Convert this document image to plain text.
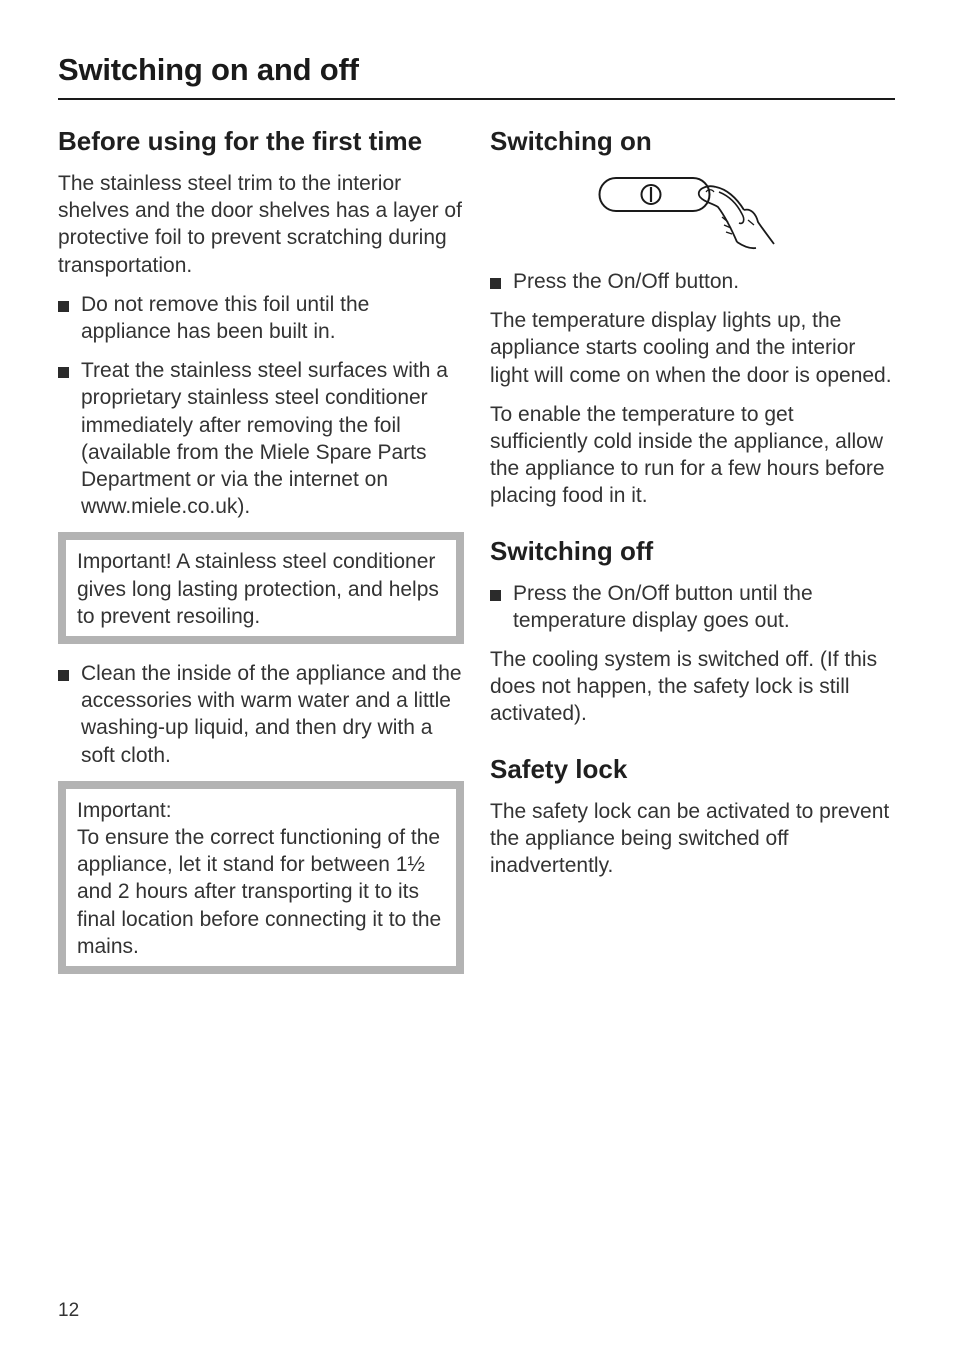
Switching on and off
Before using for the first time

The stainless steel trim to the interior shelves and the door shelves has a layer of protective foil to prevent scratching during transportation.

Do not remove this foil until the appliance has been built in.
Treat the stainless steel surfaces with a proprietary stainless steel conditioner immediately after removing the foil (available from the Miele Spare Parts Department or via the internet on www.miele.co.uk).
Important! A stainless steel conditioner gives long lasting protection, and helps to prevent resoiling.
Clean the inside of the appliance and the accessories with warm water and a little washing-up liquid, and then dry with a soft cloth.
Important:
To ensure the correct functioning of the appliance, let it stand for between 1½ and 2 hours after transporting it to its final location before connecting it to the mains.
Switching on
Press the On/Off button.

The temperature display lights up, the appliance starts cooling and the interior light will come on when the door is opened.

To enable the temperature to get sufficiently cold inside the appliance, allow the appliance to run for a few hours before placing food in it.

Switching off
Press the On/Off button until the temperature display goes out.

The cooling system is switched off. (If this does not happen, the safety lock is still activated).

Safety lock

The safety lock can be activated to prevent the appliance being switched off inadvertently.

12
